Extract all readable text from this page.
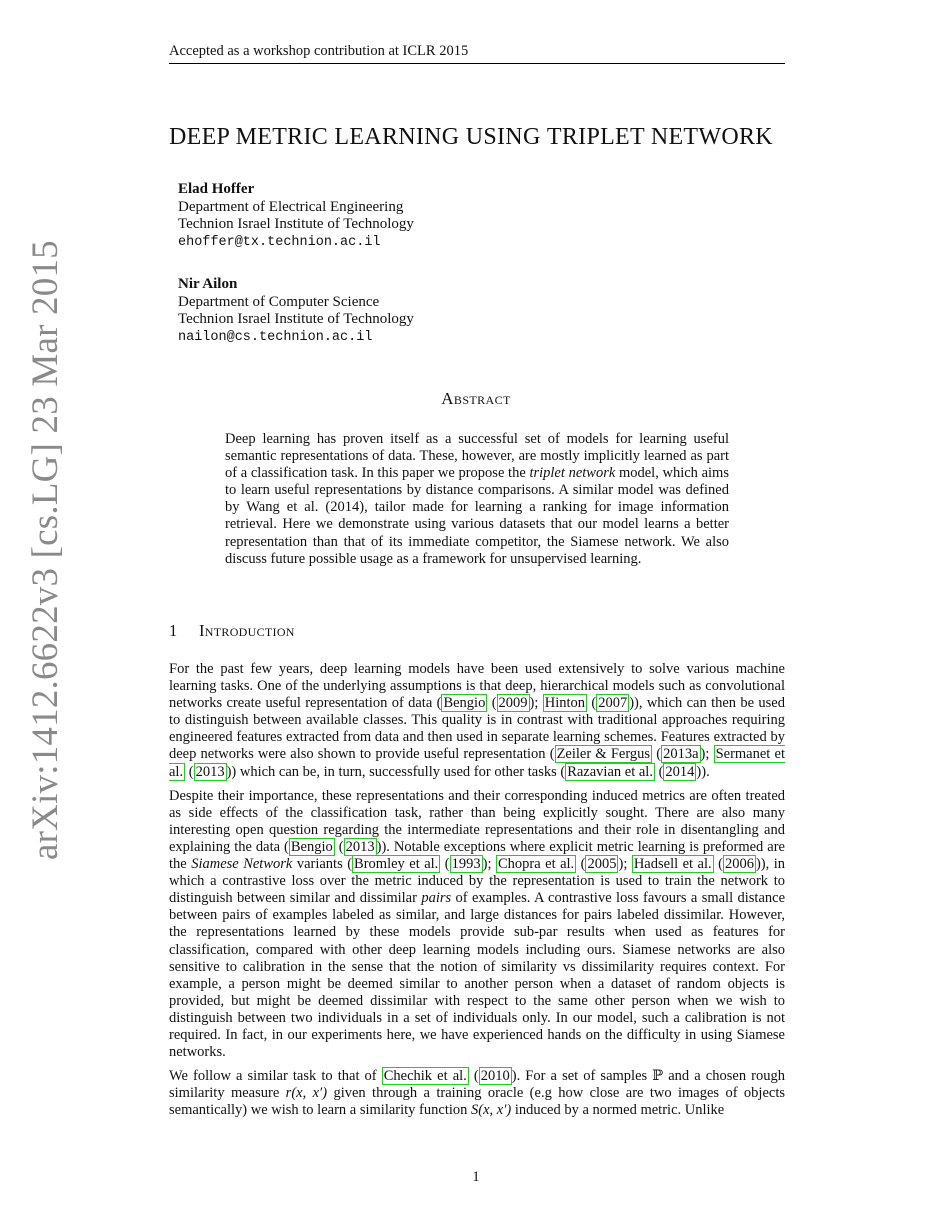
arXiv:1412.6622v3 [cs.LG] 23 Mar 2015
Accepted as a workshop contribution at ICLR 2015
DEEP METRIC LEARNING USING TRIPLET NETWORK
Elad Hoffer
Department of Electrical Engineering
Technion Israel Institute of Technology
ehoffer@tx.technion.ac.il
Nir Ailon
Department of Computer Science
Technion Israel Institute of Technology
nailon@cs.technion.ac.il
Abstract
Deep learning has proven itself as a successful set of models for learning useful semantic representations of data. These, however, are mostly implicitly learned as part of a classification task. In this paper we propose the triplet network model, which aims to learn useful representations by distance comparisons. A similar model was defined by Wang et al. (2014), tailor made for learning a ranking for image information retrieval. Here we demonstrate using various datasets that our model learns a better representation than that of its immediate competitor, the Siamese network. We also discuss future possible usage as a framework for unsupervised learning.
1 Introduction

For the past few years, deep learning models have been used extensively to solve various machine learning tasks. One of the underlying assumptions is that deep, hierarchical models such as convolutional networks create useful representation of data ( Bengio ( 2009 ); Hinton ( 2007 )), which can then be used to distinguish between available classes. This quality is in contrast with traditional approaches requiring engineered features extracted from data and then used in separate learning schemes. Features extracted by deep networks were also shown to provide useful representation ( Zeiler & Fergus ( 2013a ); Sermanet et al. ( 2013 )) which can be, in turn, successfully used for other tasks ( Razavian et al. ( 2014 )).

Despite their importance, these representations and their corresponding induced metrics are often treated as side effects of the classification task, rather than being explicitly sought. There are also many interesting open question regarding the intermediate representations and their role in disentangling and explaining the data ( Bengio ( 2013 )). Notable exceptions where explicit metric learning is preformed are the Siamese Network variants ( Bromley et al. ( 1993 ); Chopra et al. ( 2005 ); Hadsell et al. ( 2006 )), in which a contrastive loss over the metric induced by the representation is used to train the network to distinguish between similar and dissimilar pairs of examples. A contrastive loss favours a small distance between pairs of examples labeled as similar, and large distances for pairs labeled dissimilar. However, the representations learned by these models provide sub-par results when used as features for classification, compared with other deep learning models including ours. Siamese networks are also sensitive to calibration in the sense that the notion of similarity vs dissimilarity requires context. For example, a person might be deemed similar to another person when a dataset of random objects is provided, but might be deemed dissimilar with respect to the same other person when we wish to distinguish between two individuals in a set of individuals only. In our model, such a calibration is not required. In fact, in our experiments here, we have experienced hands on the difficulty in using Siamese networks.

We follow a similar task to that of Chechik et al. ( 2010 ). For a set of samples ℙ and a chosen rough similarity measure r(x, x′) given through a training oracle (e.g how close are two images of objects semantically) we wish to learn a similarity function S(x, x′) induced by a normed metric. Unlike

1
